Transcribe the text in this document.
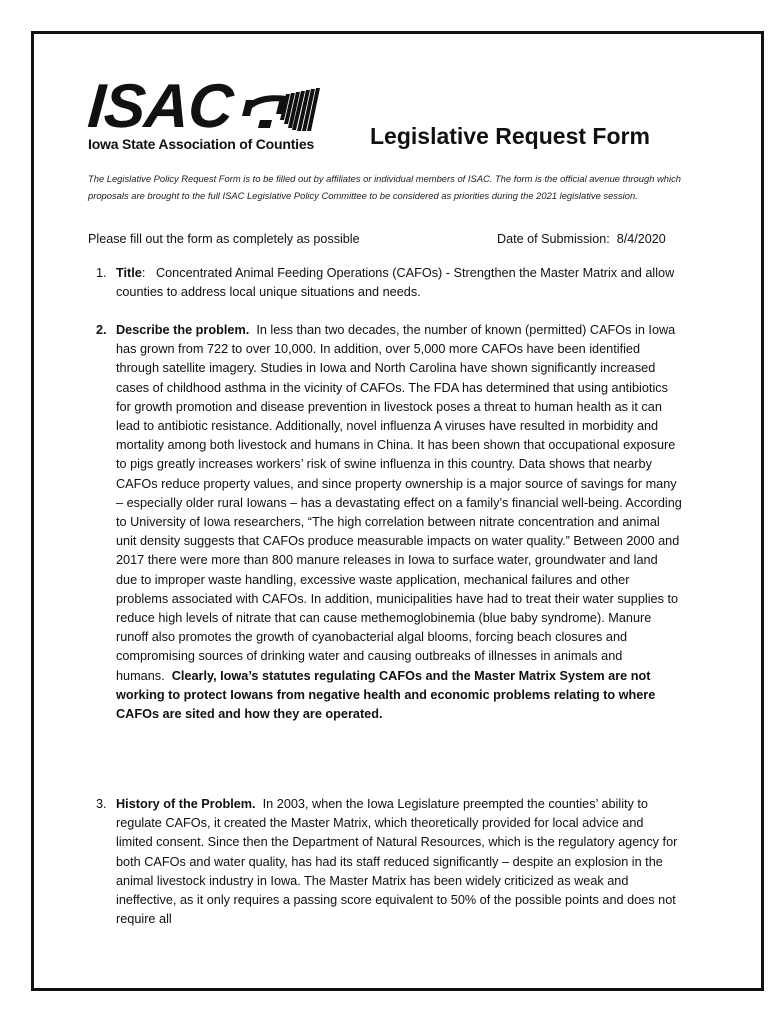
ISAC
Iowa State Association of Counties Legislative Request Form
The Legislative Policy Request Form is to be filled out by affiliates or individual members of ISAC. The form is the official avenue through which proposals are brought to the full ISAC Legislative Policy Committee to be considered as priorities during the 2021 legislative session.
Please fill out the form as completely as possible	Date of Submission: 8/4/2020
1. Title: Concentrated Animal Feeding Operations (CAFOs) - Strengthen the Master Matrix and allow counties to address local unique situations and needs.
2. Describe the problem. In less than two decades, the number of known (permitted) CAFOs in Iowa has grown from 722 to over 10,000. In addition, over 5,000 more CAFOs have been identified through satellite imagery. Studies in Iowa and North Carolina have shown significantly increased cases of childhood asthma in the vicinity of CAFOs. The FDA has determined that using antibiotics for growth promotion and disease prevention in livestock poses a threat to human health as it can lead to antibiotic resistance. Additionally, novel influenza A viruses have resulted in morbidity and mortality among both livestock and humans in China. It has been shown that occupational exposure to pigs greatly increases workers’ risk of swine influenza in this country. Data shows that nearby CAFOs reduce property values, and since property ownership is a major source of savings for many – especially older rural Iowans – has a devastating effect on a family’s financial well-being. According to University of Iowa researchers, “The high correlation between nitrate concentration and animal unit density suggests that CAFOs produce measurable impacts on water quality.” Between 2000 and 2017 there were more than 800 manure releases in Iowa to surface water, groundwater and land due to improper waste handling, excessive waste application, mechanical failures and other problems associated with CAFOs. In addition, municipalities have had to treat their water supplies to reduce high levels of nitrate that can cause methemoglobinemia (blue baby syndrome). Manure runoff also promotes the growth of cyanobacterial algal blooms, forcing beach closures and compromising sources of drinking water and causing outbreaks of illnesses in animals and humans. Clearly, Iowa’s statutes regulating CAFOs and the Master Matrix System are not working to protect Iowans from negative health and economic problems relating to where CAFOs are sited and how they are operated.
3. History of the Problem. In 2003, when the Iowa Legislature preempted the counties’ ability to regulate CAFOs, it created the Master Matrix, which theoretically provided for local advice and limited consent. Since then the Department of Natural Resources, which is the regulatory agency for both CAFOs and water quality, has had its staff reduced significantly – despite an explosion in the animal livestock industry in Iowa. The Master Matrix has been widely criticized as weak and ineffective, as it only requires a passing score equivalent to 50% of the possible points and does not require all
